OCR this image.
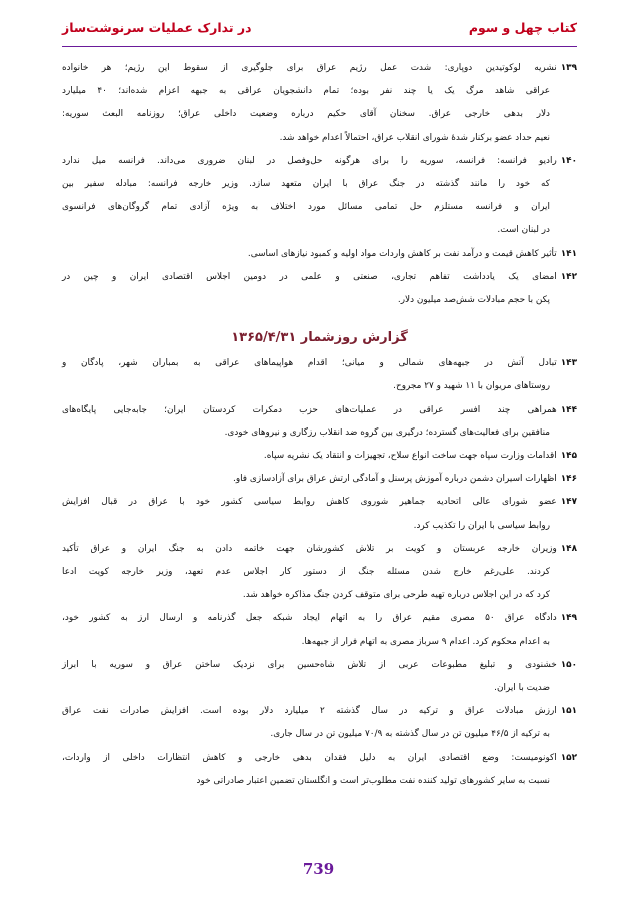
کتاب چهل و سوم
در تدارک عملیات سرنوشت‌ساز
۱۳۹نشریه لوکوتیدین دوپاری: شدت عمل رژیم عراق برای جلوگیری از سقوط این رژیم؛ هر خانواده
عراقی شاهد مرگ یک یا چند نفر بوده؛ تمام دانشجویان عراقی به جبهه اعزام شده‌اند؛ ۴۰ میلیارد
دلار بدهی خارجی عراق. سخنان آقای حکیم درباره وضعیت داخلی عراق؛ روزنامه البعث سوریه:
نعیم حداد عضو برکنار شدهٔ شورای انقلاب عراق، احتمالاً اعدام خواهد شد.
۱۴۰رادیو فرانسه: فرانسه، سوریه را برای هرگونه حل‌وفصل در لبنان ضروری می‌داند. فرانسه میل ندارد
که خود را مانند گذشته در جنگ عراق با ایران متعهد سازد. وزیر خارجه فرانسه: مبادله سفیر بین
ایران و فرانسه مستلزم حل تمامی مسائل مورد اختلاف به ویژه آزادی تمام گروگان‌های فرانسوی
در لبنان است.
۱۴۱تأثیر کاهش قیمت و درآمد نفت بر کاهش واردات مواد اولیه و کمبود نیازهای اساسی.
۱۴۲امضای یک یادداشت تفاهم تجاری، صنعتی و علمی در دومین اجلاس اقتصادی ایران و چین در
پکن با حجم مبادلات شش‌صد میلیون دلار.
گزارش روزشمار ۱۳۶۵/۴/۳۱
۱۴۳تبادل آتش در جبهه‌های شمالی و میانی؛ اقدام هواپیماهای عراقی به بمباران شهر، پادگان و
روستاهای مریوان با ۱۱ شهید و ۲۷ مجروح.
۱۴۴همراهی چند افسر عراقی در عملیات‌های حزب دمکرات کردستان ایران؛ جابه‌جایی پایگاه‌های
منافقین برای فعالیت‌های گسترده؛ درگیری بین گروه ضد انقلاب رزگاری و نیروهای خودی.
۱۴۵اقدامات وزارت سپاه جهت ساخت انواع سلاح، تجهیزات و انتقاد یک نشریه سپاه.
۱۴۶اظهارات اسیران دشمن درباره آموزش پرسنل و آمادگی ارتش عراق برای آزادسازی فاو.
۱۴۷عضو شورای عالی اتحادیه جماهیر شوروی کاهش روابط سیاسی کشور خود با عراق در قبال افزایش
روابط سیاسی با ایران را تکذیب کرد.
۱۴۸وزیران خارجه عربستان و کویت بر تلاش کشورشان جهت خاتمه دادن به جنگ ایران و عراق تأکید
کردند. علی‌رغم خارج شدن مسئله جنگ از دستور کار اجلاس عدم تعهد، وزیر خارجه کویت ادعا
کرد که در این اجلاس درباره تهیه طرحی برای متوقف کردن جنگ مذاکره خواهد شد.
۱۴۹دادگاه عراق ۵۰ مصری مقیم عراق را به اتهام ایجاد شبکه جعل گذرنامه و ارسال ارز به کشور خود،
به اعدام محکوم کرد. اعدام ۹ سرباز مصری به اتهام فرار از جبهه‌ها.
۱۵۰خشنودی و تبلیغ مطبوعات عربی از تلاش شاه‌حسین برای نزدیک ساختن عراق و سوریه با ابراز
ضدیت با ایران.
۱۵۱ارزش مبادلات عراق و ترکیه در سال گذشته ۲ میلیارد دلار بوده است. افزایش صادرات نفت عراق
به ترکیه از ۴۶/۵ میلیون تن در سال گذشته به ۷۰/۹ میلیون تن در سال جاری.
۱۵۲اکونومیست: وضع اقتصادی ایران به دلیل فقدان بدهی خارجی و کاهش انتظارات داخلی از واردات،
نسبت به سایر کشورهای تولید کننده نفت مطلوب‌تر است و انگلستان تضمین اعتبار صادراتی خود
739
